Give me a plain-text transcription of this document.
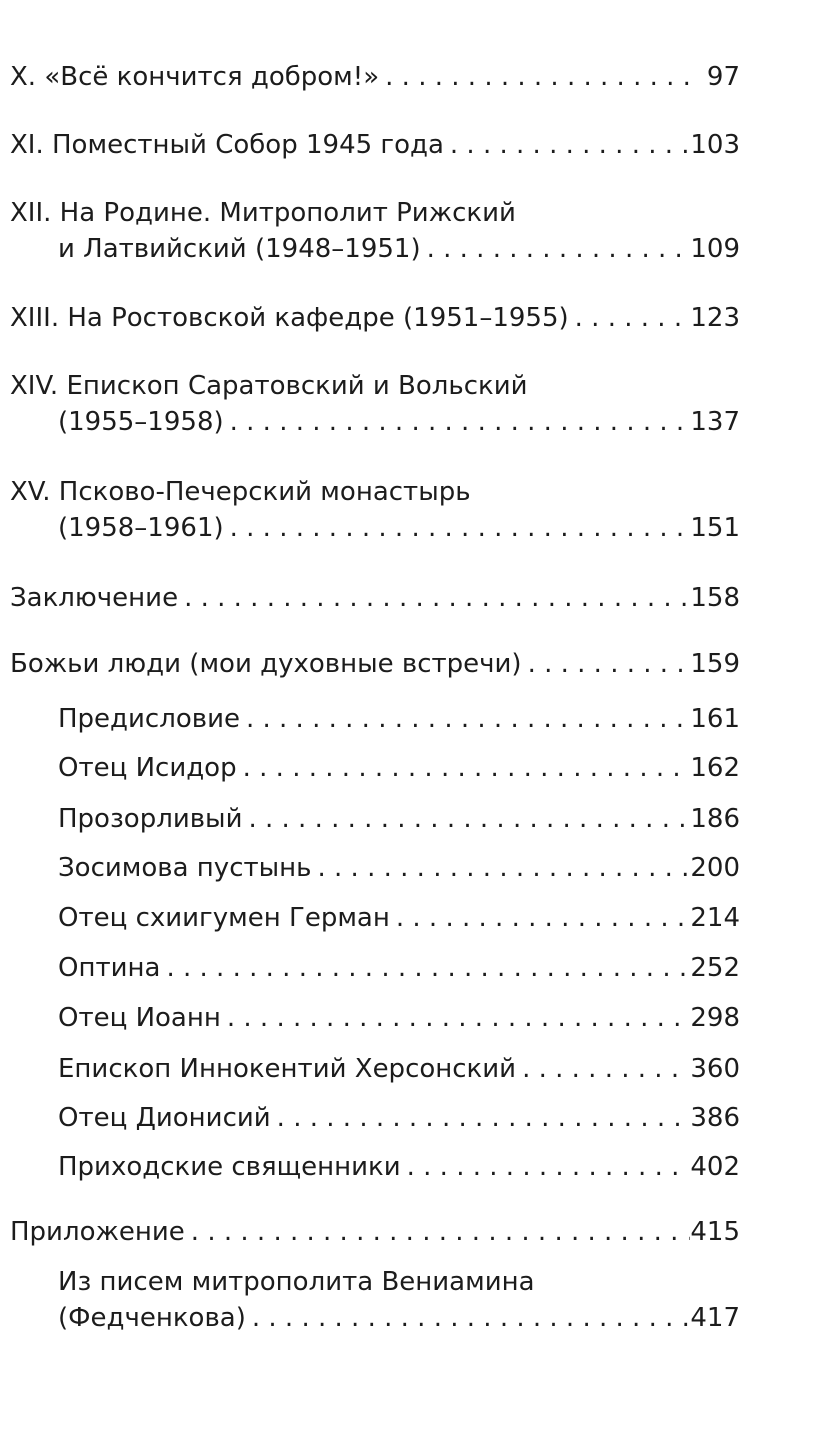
X. «Всё кончится добром!» . . .	97
XI. Поместный Собор 1945 года . . .	103
XII. На Родине. Митрополит Рижский
и Латвийский (1948–1951) . . .	109
XIII. На Ростовской кафедре (1951–1955) . . .	123
XIV. Епископ Саратовский и Вольский
(1955–1958) . . .	137
XV. Псково-Печерский монастырь
(1958–1961) . . .	151
Заключение . . .	158
Божьи люди (мои духовные встречи) . . .	159
Предисловие . . .	161
Отец Исидор . . .	162
Прозорливый . . .	186
Зосимова пустынь . . .	200
Отец схиигумен Герман . . .	214
Оптина . . .	252
Отец Иоанн . . .	298
Епископ Иннокентий Херсонский . . .	360
Отец Дионисий . . .	386
Приходские священники . . .	402
Приложение . . .	415
Из писем митрополита Вениамина
(Федченкова) . . .	417
